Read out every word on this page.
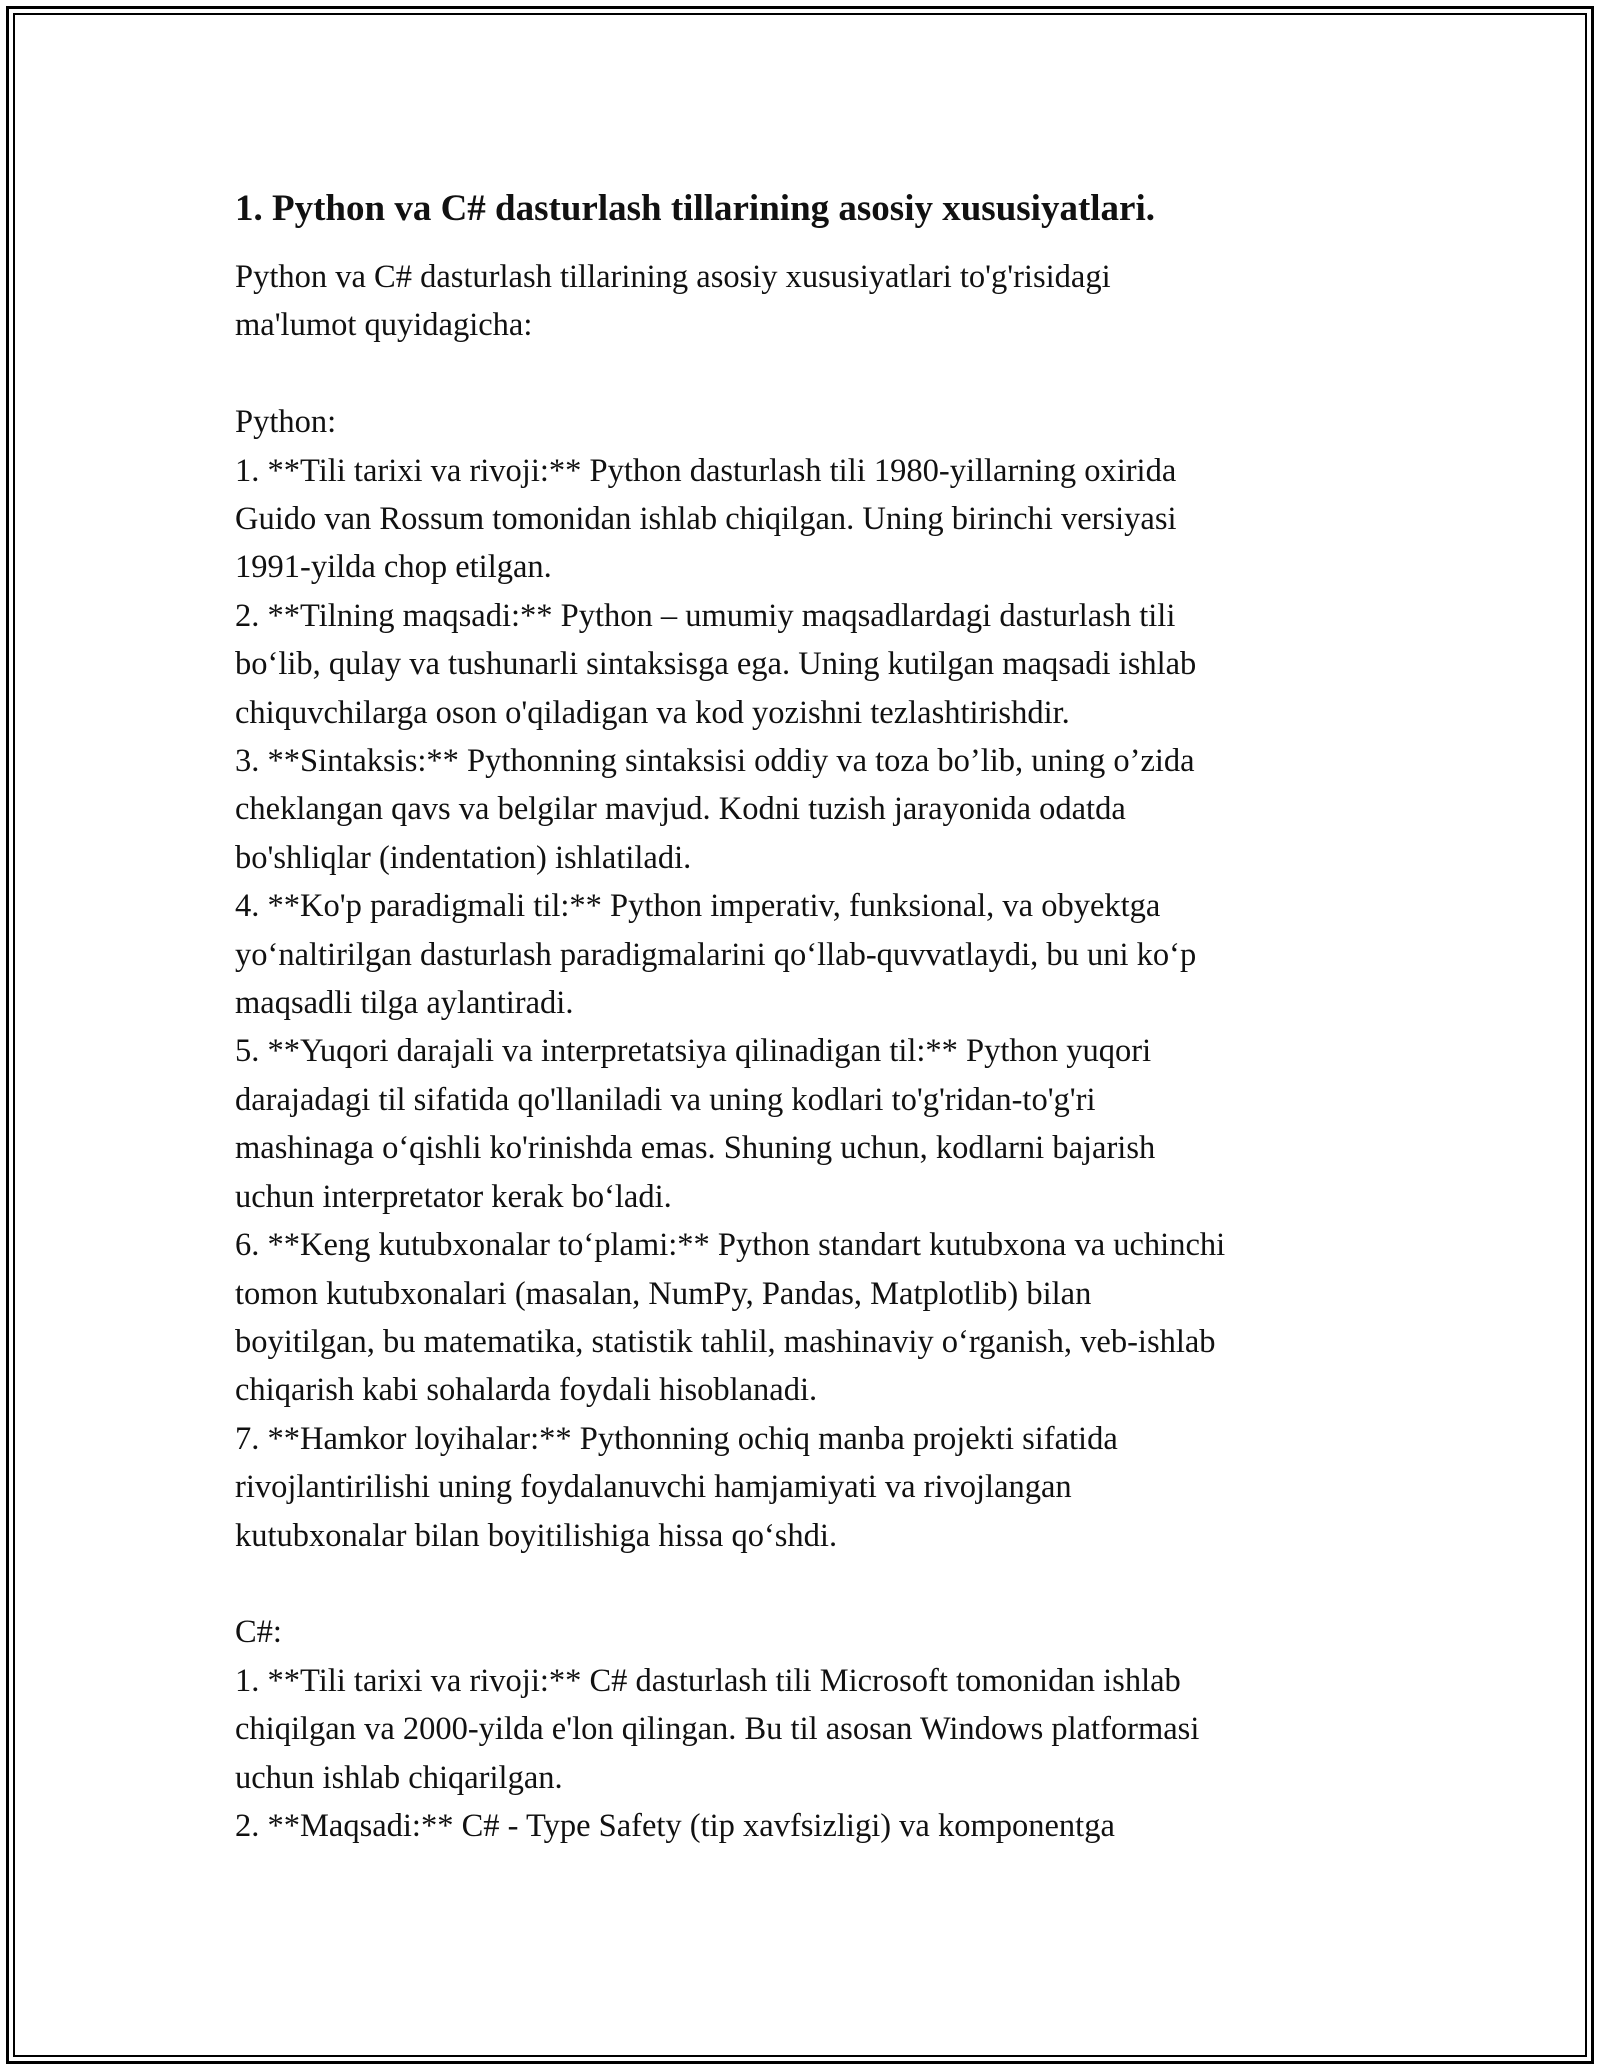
1. Python va C# dasturlash tillarining asosiy xususiyatlari.
Python va C# dasturlash tillarining asosiy xususiyatlari to'g'risidagi
ma'lumot quyidagicha:
Python:
1. **Tili tarixi va rivoji:** Python dasturlash tili 1980-yillarning oxirida
Guido van Rossum tomonidan ishlab chiqilgan. Uning birinchi versiyasi
1991-yilda chop etilgan.
2. **Tilning maqsadi:** Python – umumiy maqsadlardagi dasturlash tili
bo‘lib, qulay va tushunarli sintaksisga ega. Uning kutilgan maqsadi ishlab
chiquvchilarga oson o'qiladigan va kod yozishni tezlashtirishdir.
3. **Sintaksis:** Pythonning sintaksisi oddiy va toza bo’lib, uning o’zida
cheklangan qavs va belgilar mavjud. Kodni tuzish jarayonida odatda
bo'shliqlar (indentation) ishlatiladi.
4. **Ko'p paradigmali til:** Python imperativ, funksional, va obyektga
yo‘naltirilgan dasturlash paradigmalarini qo‘llab-quvvatlaydi, bu uni ko‘p
maqsadli tilga aylantiradi.
5. **Yuqori darajali va interpretatsiya qilinadigan til:** Python yuqori
darajadagi til sifatida qo'llaniladi va uning kodlari to'g'ridan-to'g'ri
mashinaga o‘qishli ko'rinishda emas. Shuning uchun, kodlarni bajarish
uchun interpretator kerak bo‘ladi.
6. **Keng kutubxonalar to‘plami:** Python standart kutubxona va uchinchi
tomon kutubxonalari (masalan, NumPy, Pandas, Matplotlib) bilan
boyitilgan, bu matematika, statistik tahlil, mashinaviy o‘rganish, veb-ishlab
chiqarish kabi sohalarda foydali hisoblanadi.
7. **Hamkor loyihalar:** Pythonning ochiq manba projekti sifatida
rivojlantirilishi uning foydalanuvchi hamjamiyati va rivojlangan
kutubxonalar bilan boyitilishiga hissa qo‘shdi.
C#:
1. **Tili tarixi va rivoji:** C# dasturlash tili Microsoft tomonidan ishlab
chiqilgan va 2000-yilda e'lon qilingan. Bu til asosan Windows platformasi
uchun ishlab chiqarilgan.
2. **Maqsadi:** C# - Type Safety (tip xavfsizligi) va komponentga
